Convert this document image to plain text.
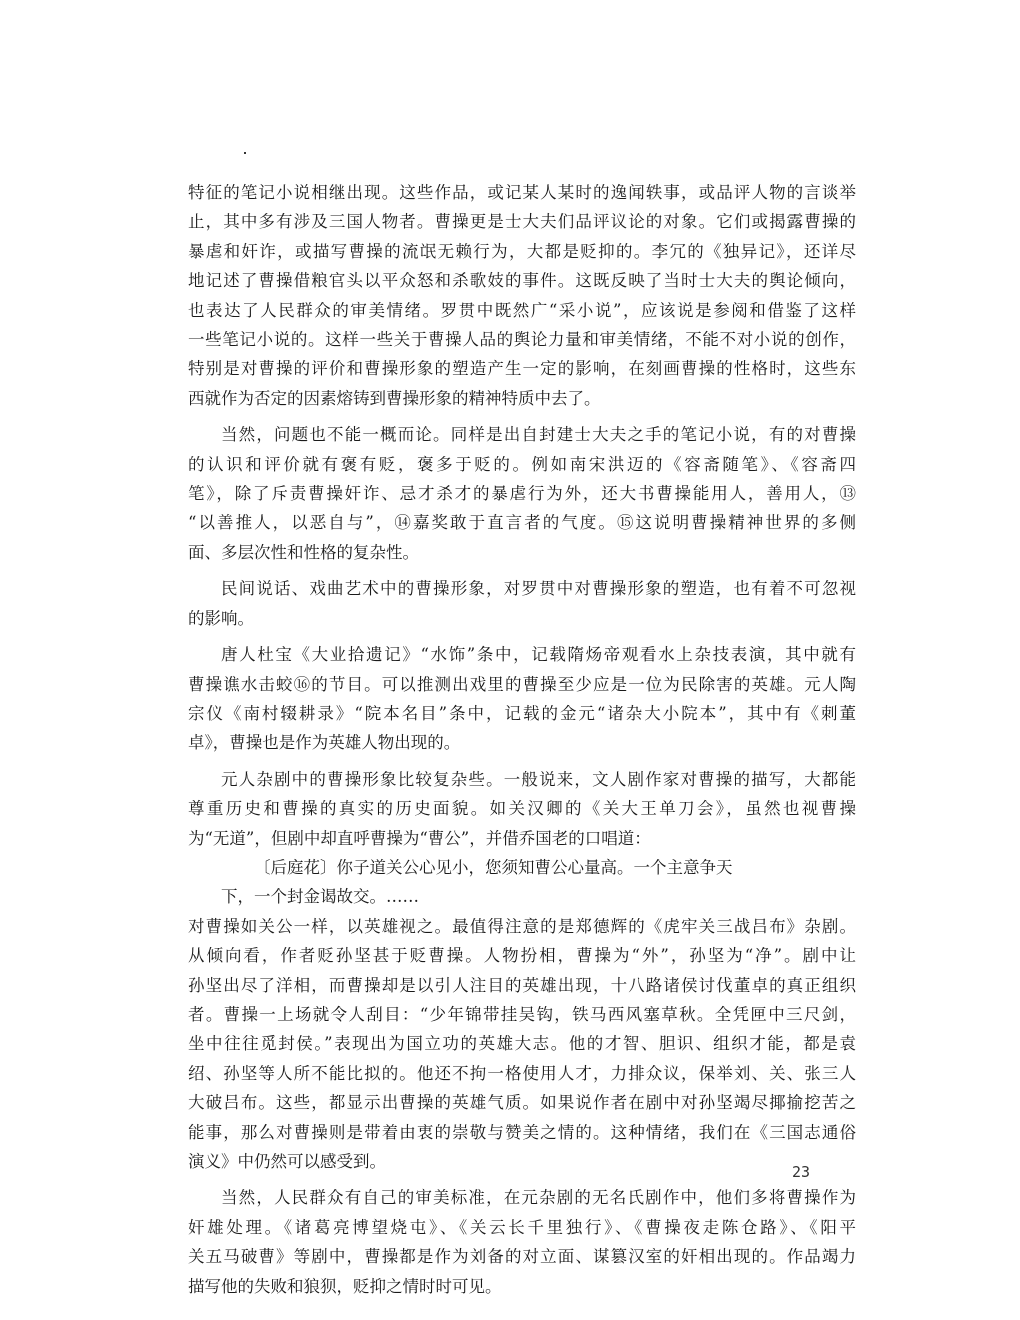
特征的笔记小说相继出现。这些作品，或记某人某时的逸闻轶事，或品评人物的言谈举
止，其中多有涉及三国人物者。曹操更是士大夫们品评议论的对象。它们或揭露曹操的
暴虐和奸诈，或描写曹操的流氓无赖行为，大都是贬抑的。李冗的《独异记》，还详尽
地记述了曹操借粮官头以平众怒和杀歌妓的事件。这既反映了当时士大夫的舆论倾向，
也表达了人民群众的审美情绪。罗贯中既然广“采小说”，应该说是参阅和借鉴了这样
一些笔记小说的。这样一些关于曹操人品的舆论力量和审美情绪，不能不对小说的创作，
特别是对曹操的评价和曹操形象的塑造产生一定的影响，在刻画曹操的性格时，这些东
西就作为否定的因素熔铸到曹操形象的精神特质中去了。
当然，问题也不能一概而论。同样是出自封建士大夫之手的笔记小说，有的对曹操
的认识和评价就有褒有贬，褒多于贬的。例如南宋洪迈的《容斋随笔》、《容斋四
笔》，除了斥责曹操奸诈、忌才杀才的暴虐行为外，还大书曹操能用人，善用人，⑬
“以善推人，以恶自与”，⑭嘉奖敢于直言者的气度。⑮这说明曹操精神世界的多侧
面、多层次性和性格的复杂性。
民间说话、戏曲艺术中的曹操形象，对罗贯中对曹操形象的塑造，也有着不可忽视
的影响。
唐人杜宝《大业拾遗记》“水饰”条中，记载隋炀帝观看水上杂技表演，其中就有
曹操谯水击蛟⑯的节目。可以推测出戏里的曹操至少应是一位为民除害的英雄。元人陶
宗仪《南村辍耕录》“院本名目”条中，记载的金元“诸杂大小院本”，其中有《刺董
卓》，曹操也是作为英雄人物出现的。
元人杂剧中的曹操形象比较复杂些。一般说来，文人剧作家对曹操的描写，大都能
尊重历史和曹操的真实的历史面貌。如关汉卿的《关大王单刀会》，虽然也视曹操
为“无道”，但剧中却直呼曹操为“曹公”，并借乔国老的口唱道：
〔后庭花〕你子道关公心见小，您须知曹公心量高。一个主意争天
下，一个封金谒故交。……
对曹操如关公一样，以英雄视之。最值得注意的是郑德辉的《虎牢关三战吕布》杂剧。
从倾向看，作者贬孙坚甚于贬曹操。人物扮相，曹操为“外”，孙坚为“净”。剧中让
孙坚出尽了洋相，而曹操却是以引人注目的英雄出现，十八路诸侯讨伐董卓的真正组织
者。曹操一上场就令人刮目：“少年锦带挂吴钩，铁马西风塞草秋。全凭匣中三尺剑，
坐中往往觅封侯。”表现出为国立功的英雄大志。他的才智、胆识、组织才能，都是袁
绍、孙坚等人所不能比拟的。他还不拘一格使用人才，力排众议，保举刘、关、张三人
大破吕布。这些，都显示出曹操的英雄气质。如果说作者在剧中对孙坚竭尽揶揄挖苦之
能事，那么对曹操则是带着由衷的崇敬与赞美之情的。这种情绪，我们在《三国志通俗
演义》中仍然可以感受到。
当然，人民群众有自己的审美标准，在元杂剧的无名氏剧作中，他们多将曹操作为
奸雄处理。《诸葛亮博望烧屯》、《关云长千里独行》、《曹操夜走陈仓路》、《阳平
关五马破曹》等剧中，曹操都是作为刘备的对立面、谋篡汉室的奸相出现的。作品竭力
描写他的失败和狼狈，贬抑之情时时可见。
23
